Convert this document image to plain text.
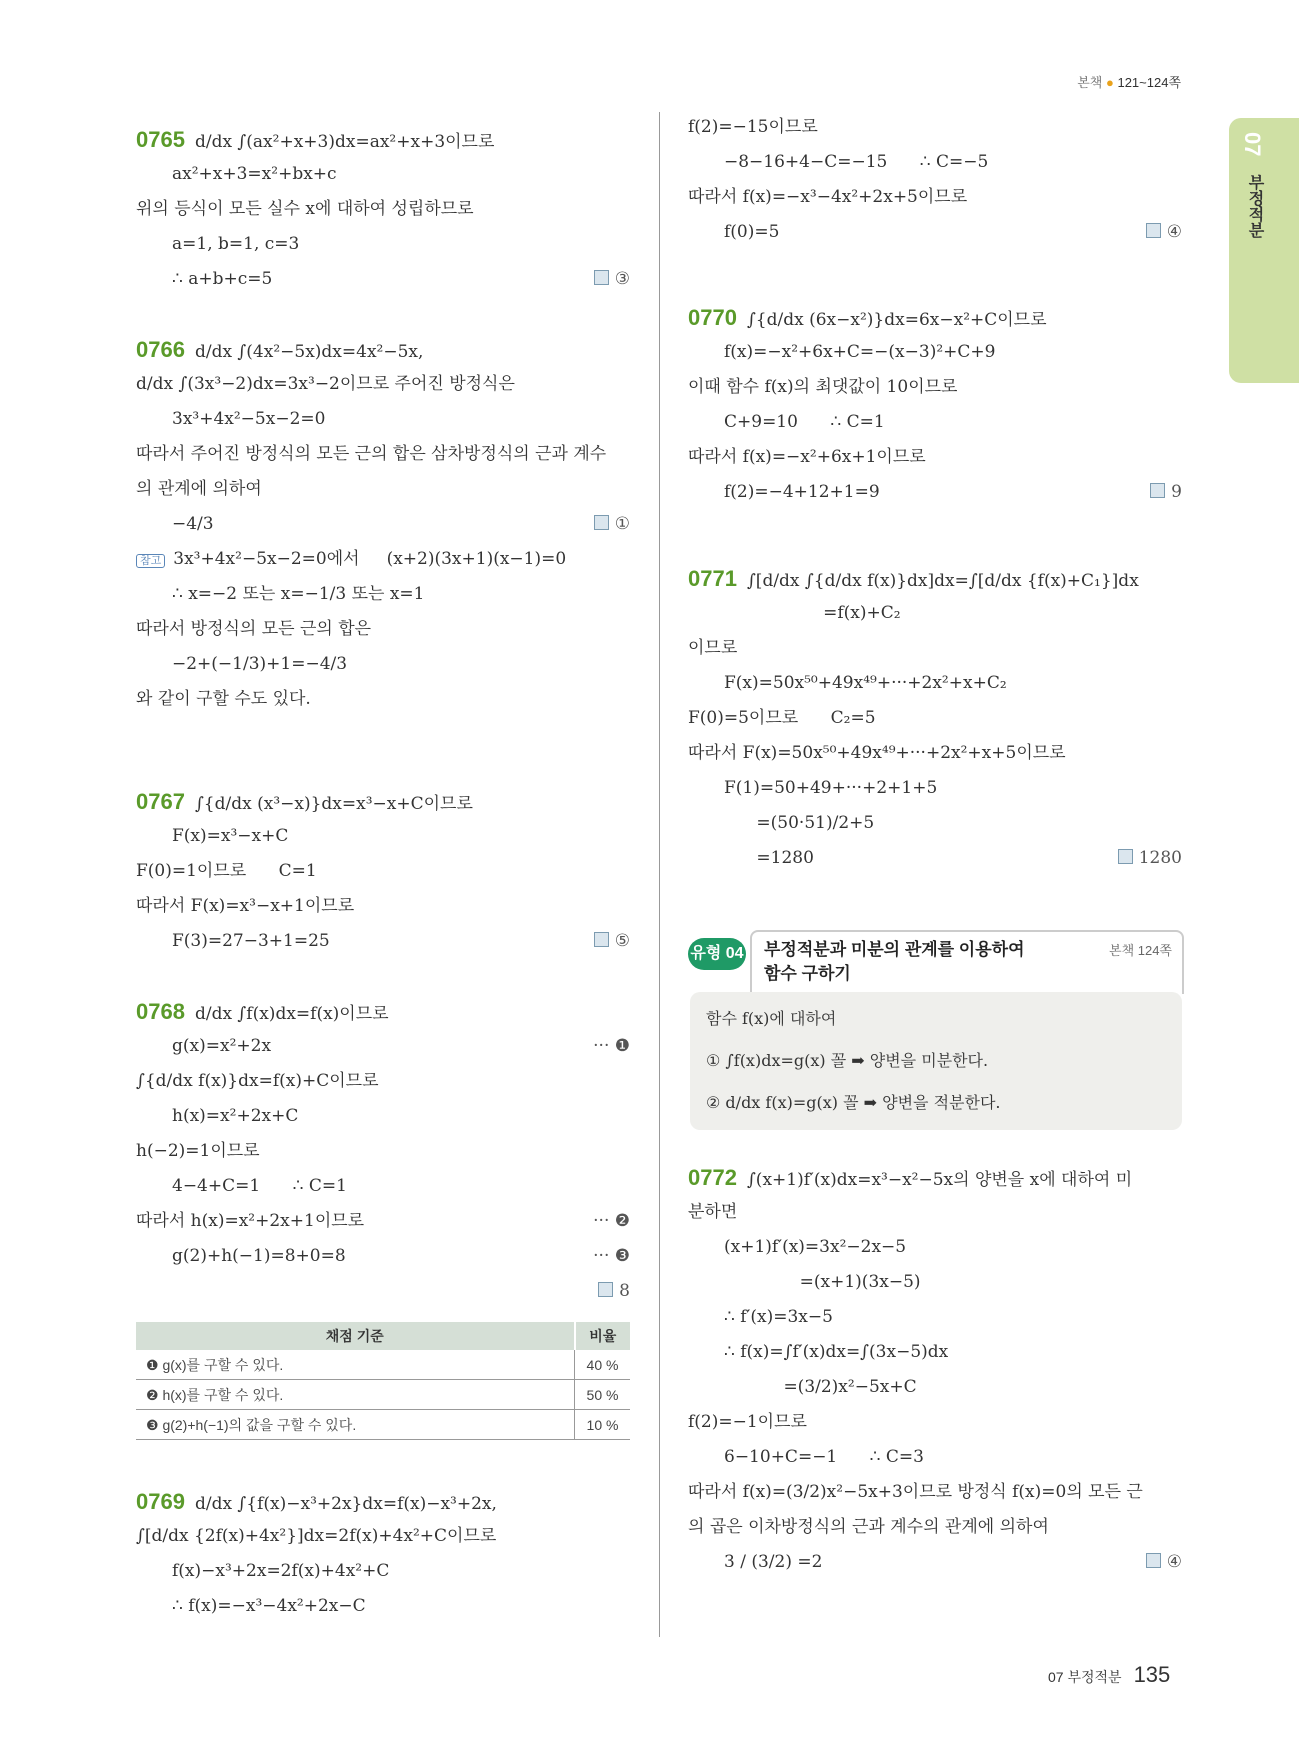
본책 ● 121~124쪽
07
부정적분
0765 d/dx ∫(ax²+x+3)dx=ax²+x+3이므로
ax²+x+3=x²+bx+c
위의 등식이 모든 실수 x에 대하여 성립하므로
a=1, b=1, c=3
∴ a+b+c=5	③
0766 d/dx ∫(4x²−5x)dx=4x²−5x,
d/dx ∫(3x³−2)dx=3x³−2이므로 주어진 방정식은
3x³+4x²−5x−2=0
따라서 주어진 방정식의 모든 근의 합은 삼차방정식의 근과 계수
의 관계에 의하여
−4/3	①
참고 3x³+4x²−5x−2=0에서     (x+2)(3x+1)(x−1)=0
∴ x=−2 또는 x=−1/3 또는 x=1
따라서 방정식의 모든 근의 합은
−2+(−1/3)+1=−4/3
와 같이 구할 수도 있다.
0767 ∫{d/dx (x³−x)}dx=x³−x+C이므로
F(x)=x³−x+C
F(0)=1이므로      C=1
따라서 F(x)=x³−x+1이므로
F(3)=27−3+1=25	⑤
0768 d/dx ∫f(x)dx=f(x)이므로
g(x)=x²+2x	··· ❶
∫{d/dx f(x)}dx=f(x)+C이므로
h(x)=x²+2x+C
h(−2)=1이므로
4−4+C=1      ∴ C=1
따라서 h(x)=x²+2x+1이므로	··· ❷
g(2)+h(−1)=8+0=8	··· ❸
8
0769 d/dx ∫{f(x)−x³+2x}dx=f(x)−x³+2x,
∫[d/dx {2f(x)+4x²}]dx=2f(x)+4x²+C이므로
f(x)−x³+2x=2f(x)+4x²+C
∴ f(x)=−x³−4x²+2x−C
f(2)=−15이므로
−8−16+4−C=−15      ∴ C=−5
따라서 f(x)=−x³−4x²+2x+5이므로
f(0)=5	④
0770 ∫{d/dx (6x−x²)}dx=6x−x²+C이므로
f(x)=−x²+6x+C=−(x−3)²+C+9
이때 함수 f(x)의 최댓값이 10이므로
C+9=10      ∴ C=1
따라서 f(x)=−x²+6x+1이므로
f(2)=−4+12+1=9	9
0771 ∫[d/dx ∫{d/dx f(x)}dx]dx=∫[d/dx {f(x)+C₁}]dx
=f(x)+C₂
이므로
F(x)=50x⁵⁰+49x⁴⁹+···+2x²+x+C₂
F(0)=5이므로      C₂=5
따라서 F(x)=50x⁵⁰+49x⁴⁹+···+2x²+x+5이므로
F(1)=50+49+···+2+1+5
=(50·51)/2+5
=1280	1280
0772 ∫(x+1)f′(x)dx=x³−x²−5x의 양변을 x에 대하여 미
분하면
(x+1)f′(x)=3x²−2x−5
=(x+1)(3x−5)
∴ f′(x)=3x−5
∴ f(x)=∫f′(x)dx=∫(3x−5)dx
=(3/2)x²−5x+C
f(2)=−1이므로
6−10+C=−1      ∴ C=3
따라서 f(x)=(3/2)x²−5x+3이므로 방정식 f(x)=0의 모든 근
의 곱은 이차방정식의 근과 계수의 관계에 의하여
3 / (3/2) =2	④
채점 기준	비율
❶ g(x)를 구할 수 있다.	40 %
❷ h(x)를 구할 수 있다.	50 %
❸ g(2)+h(−1)의 값을 구할 수 있다.	10 %
유형 04 부정적분과 미분의 관계를 이용하여
함수 구하기
본책 124쪽
함수 f(x)에 대하여
① ∫f(x)dx=g(x) 꼴 ➡ 양변을 미분한다.
② d/dx f(x)=g(x) 꼴 ➡ 양변을 적분한다.
07 부정적분 135
